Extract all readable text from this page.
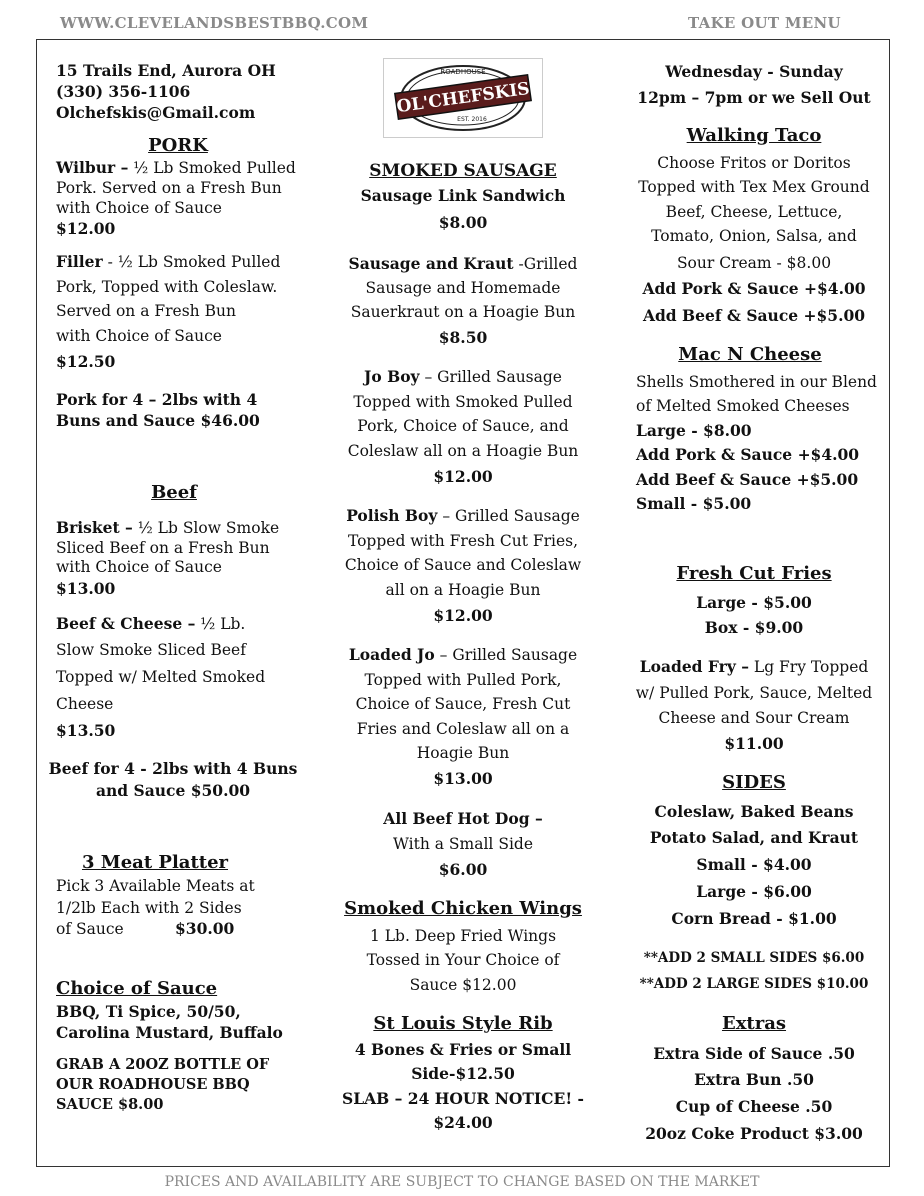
WWW.CLEVELANDSBESTBBQ.COM	TAKE OUT MENU
PRICES AND AVAILABILITY ARE SUBJECT TO CHANGE BASED ON THE MARKET
OL'CHEFSKIS
ROADHOUSE
EST. 2016
15 Trails End, Aurora OH
(330) 356-1106
Olchefskis@Gmail.com
PORK
Wilbur – ½ Lb Smoked Pulled
Pork. Served on a Fresh Bun
with Choice of Sauce
$12.00
Filler - ½ Lb Smoked Pulled
Pork, Topped with Coleslaw.
Served on a Fresh Bun
with Choice of Sauce
$12.50
Pork for 4 – 2lbs with 4
Buns and Sauce $46.00
Beef
Brisket – ½ Lb Slow Smoke
Sliced Beef on a Fresh Bun
with Choice of Sauce
$13.00
Beef & Cheese – ½ Lb.
Slow Smoke Sliced Beef
Topped w/ Melted Smoked
Cheese
$13.50
Beef for 4 - 2lbs with 4 Buns
and Sauce $50.00
3 Meat Platter
Pick 3 Available Meats at
1/2lb Each with 2 Sides
of Sauce	$30.00
Choice of Sauce
BBQ, Ti Spice, 50/50,
Carolina Mustard, Buffalo
GRAB A 20OZ BOTTLE OF
OUR ROADHOUSE BBQ
SAUCE $8.00
SMOKED SAUSAGE
Sausage Link Sandwich
$8.00
Sausage and Kraut -Grilled
Sausage and Homemade
Sauerkraut on a Hoagie Bun
$8.50
Jo Boy – Grilled Sausage
Topped with Smoked Pulled
Pork, Choice of Sauce, and
Coleslaw all on a Hoagie Bun
$12.00
Polish Boy – Grilled Sausage
Topped with Fresh Cut Fries,
Choice of Sauce and Coleslaw
all on a Hoagie Bun
$12.00
Loaded Jo – Grilled Sausage
Topped with Pulled Pork,
Choice of Sauce, Fresh Cut
Fries and Coleslaw all on a
Hoagie Bun
$13.00
All Beef Hot Dog –
With a Small Side
$6.00
Smoked Chicken Wings
1 Lb. Deep Fried Wings
Tossed in Your Choice of
Sauce $12.00
St Louis Style Rib
4 Bones & Fries or Small
Side-$12.50
SLAB – 24 HOUR NOTICE! -
$24.00
Wednesday - Sunday
12pm – 7pm or we Sell Out
Walking Taco
Choose Fritos or Doritos
Topped with Tex Mex Ground
Beef, Cheese, Lettuce,
Tomato, Onion, Salsa, and
Sour Cream - $8.00
Add Pork & Sauce +$4.00
Add Beef & Sauce +$5.00
Mac N Cheese
Shells Smothered in our Blend
of Melted Smoked Cheeses
Large - $8.00
Add Pork & Sauce +$4.00
Add Beef & Sauce +$5.00
Small - $5.00
Fresh Cut Fries
Large - $5.00
Box - $9.00
Loaded Fry – Lg Fry Topped
w/ Pulled Pork, Sauce, Melted
Cheese and Sour Cream
$11.00
SIDES
Coleslaw, Baked Beans
Potato Salad, and Kraut
Small - $4.00
Large - $6.00
Corn Bread - $1.00
**ADD 2 SMALL SIDES $6.00
**ADD 2 LARGE SIDES $10.00
Extras
Extra Side of Sauce .50
Extra Bun .50
Cup of Cheese .50
20oz Coke Product $3.00
